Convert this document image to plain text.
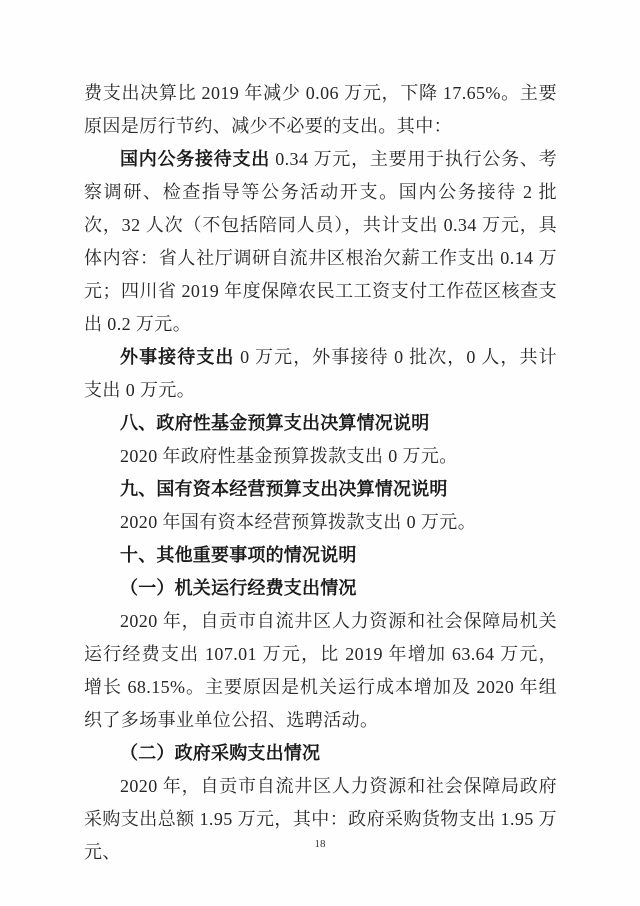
费支出决算比 2019 年减少 0.06 万元，下降 17.65%。主要原因是厉行节约、减少不必要的支出。其中：

国内公务接待支出 0.34 万元，主要用于执行公务、考察调研、检查指导等公务活动开支。国内公务接待 2 批次，32 人次（不包括陪同人员），共计支出 0.34 万元，具体内容：省人社厅调研自流井区根治欠薪工作支出 0.14 万元；四川省 2019 年度保障农民工工资支付工作莅区核查支出 0.2 万元。

外事接待支出 0 万元，外事接待 0 批次，0 人，共计支出 0 万元。

八、政府性基金预算支出决算情况说明

2020 年政府性基金预算拨款支出 0 万元。

九、国有资本经营预算支出决算情况说明

2020 年国有资本经营预算拨款支出 0 万元。

十、其他重要事项的情况说明

（一）机关运行经费支出情况

2020 年，自贡市自流井区人力资源和社会保障局机关运行经费支出 107.01 万元，比 2019 年增加 63.64 万元，增长 68.15%。主要原因是机关运行成本增加及 2020 年组织了多场事业单位公招、选聘活动。

（二）政府采购支出情况

2020 年，自贡市自流井区人力资源和社会保障局政府采购支出总额 1.95 万元，其中：政府采购货物支出 1.95 万元、	18
